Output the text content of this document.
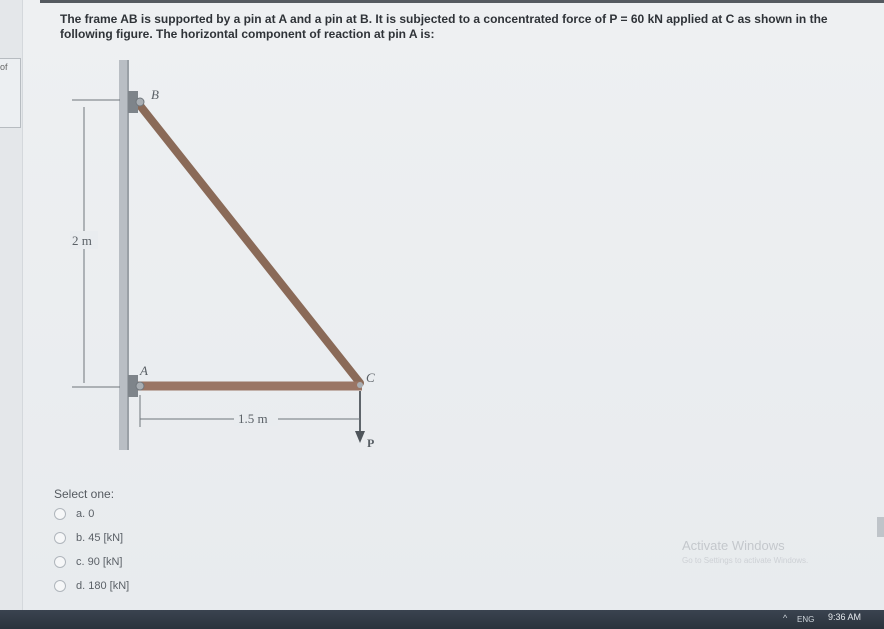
of
The frame AB is supported by a pin at A and a pin at B. It is subjected to a concentrated force of P = 60 kN applied at C as shown in the following figure. The horizontal component of reaction at pin A is:
2 m
B
A	C
P
1.5 m
Select one:
a. 0
b. 45 [kN]
c. 90 [kN]
d. 180 [kN]
Activate Windows
Go to Settings to activate Windows.
^ ENG 9:36 AM
